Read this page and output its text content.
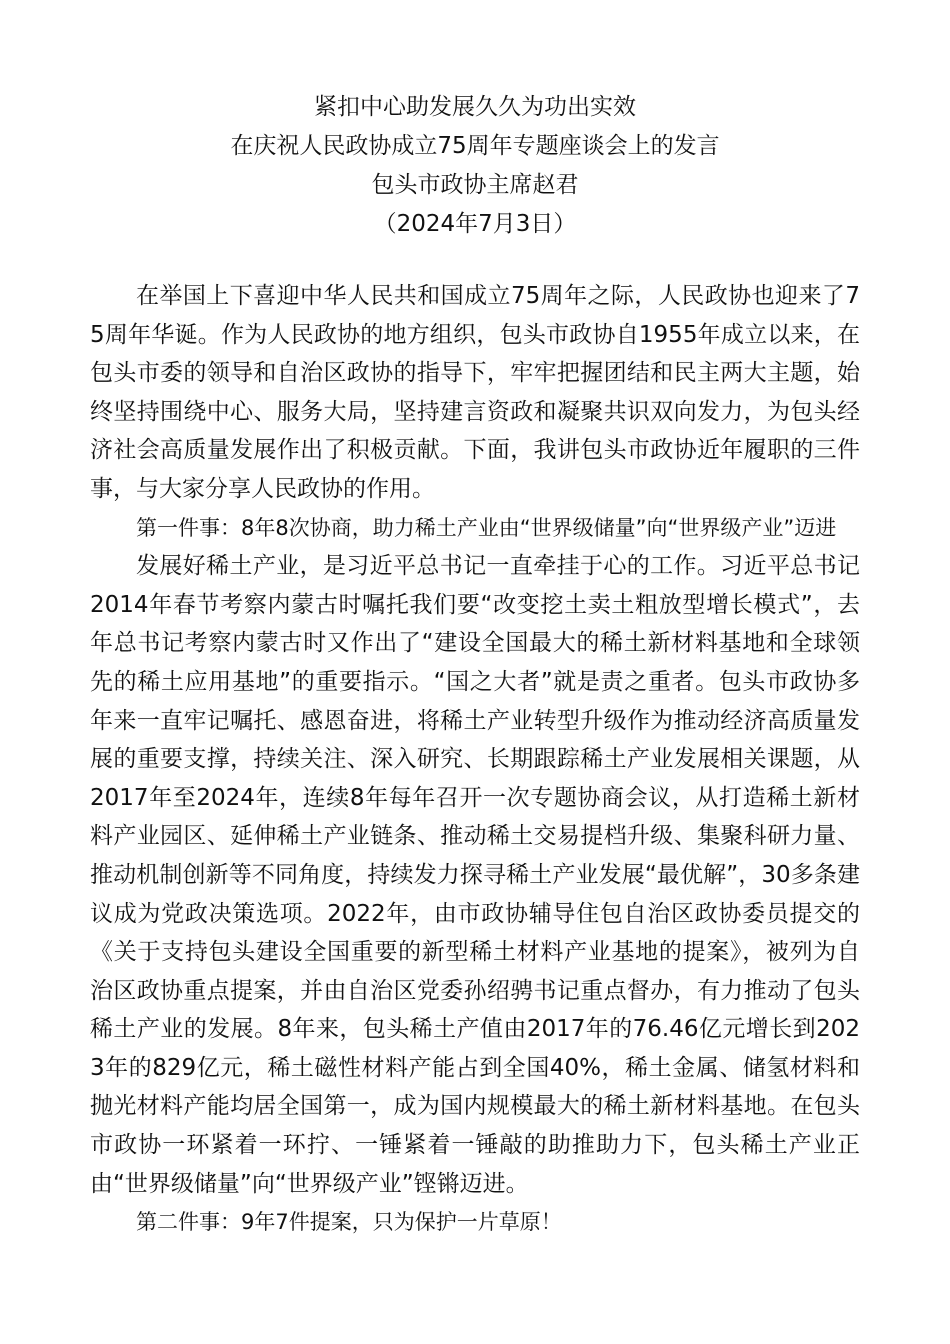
紧扣中心助发展久久为功出实效
在庆祝人民政协成立75周年专题座谈会上的发言
包头市政协主席赵君
（2024年7月3日）

在举国上下喜迎中华人民共和国成立75周年之际，人民政协也迎来了75周年华诞。作为人民政协的地方组织，包头市政协自1955年成立以来，在包头市委的领导和自治区政协的指导下，牢牢把握团结和民主两大主题，始终坚持围绕中心、服务大局，坚持建言资政和凝聚共识双向发力，为包头经济社会高质量发展作出了积极贡献。下面，我讲包头市政协近年履职的三件事，与大家分享人民政协的作用。

第一件事：8年8次协商，助力稀土产业由“世界级储量”向“世界级产业”迈进

发展好稀土产业，是习近平总书记一直牵挂于心的工作。习近平总书记2014年春节考察内蒙古时嘱托我们要“改变挖土卖土粗放型增长模式”，去年总书记考察内蒙古时又作出了“建设全国最大的稀土新材料基地和全球领先的稀土应用基地”的重要指示。“国之大者”就是责之重者。包头市政协多年来一直牢记嘱托、感恩奋进，将稀土产业转型升级作为推动经济高质量发展的重要支撑，持续关注、深入研究、长期跟踪稀土产业发展相关课题，从2017年至2024年，连续8年每年召开一次专题协商会议，从打造稀土新材料产业园区、延伸稀土产业链条、推动稀土交易提档升级、集聚科研力量、推动机制创新等不同角度，持续发力探寻稀土产业发展“最优解”，30多条建议成为党政决策选项。2022年，由市政协辅导住包自治区政协委员提交的《关于支持包头建设全国重要的新型稀土材料产业基地的提案》，被列为自治区政协重点提案，并由自治区党委孙绍骋书记重点督办，有力推动了包头稀土产业的发展。8年来，包头稀土产值由2017年的76.46亿元增长到2023年的829亿元，稀土磁性材料产能占到全国40%，稀土金属、储氢材料和抛光材料产能均居全国第一，成为国内规模最大的稀土新材料基地。在包头市政协一环紧着一环拧、一锤紧着一锤敲的助推助力下，包头稀土产业正由“世界级储量”向“世界级产业”铿锵迈进。

第二件事：9年7件提案，只为保护一片草原！
